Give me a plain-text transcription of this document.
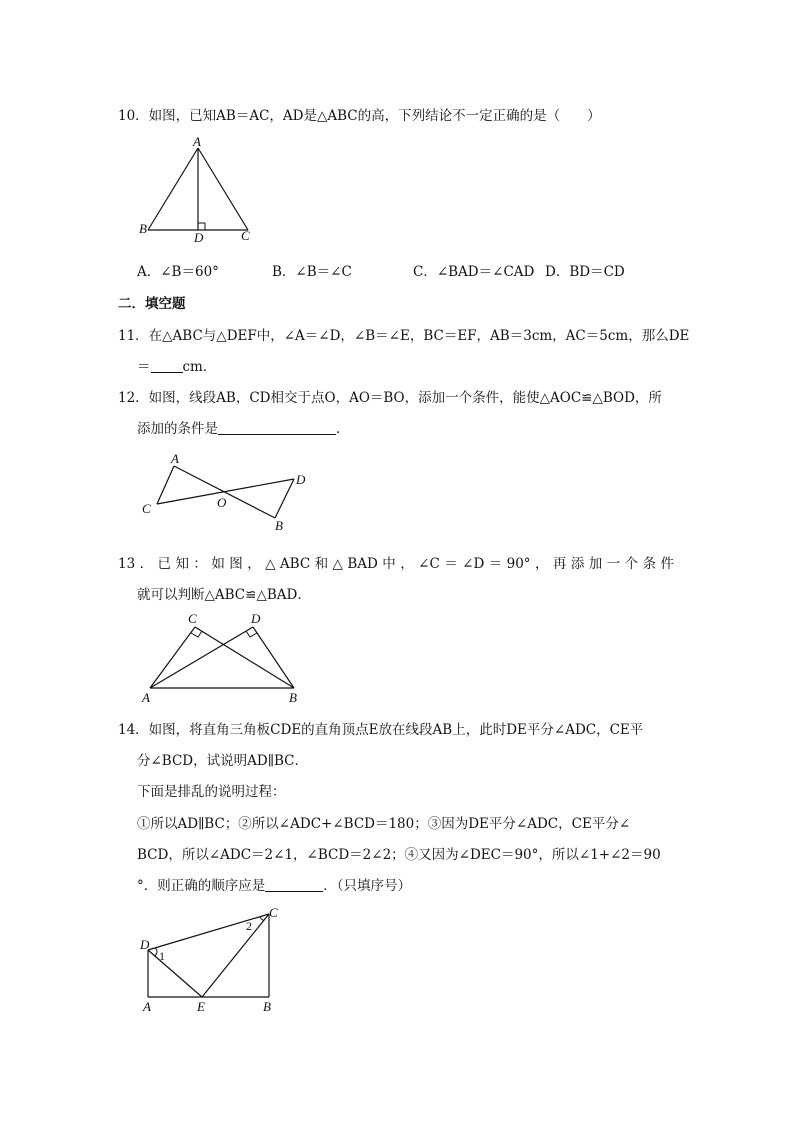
10．如图，已知AB＝AC，AD是△ABC的高，下列结论不一定正确的是（　　）
A
B
D	C
A．∠B＝60°	B．∠B＝∠C	C．∠BAD＝∠CAD D．BD＝CD
二．填空题
11．在△ABC与△DEF中，∠A＝∠D，∠B＝∠E，BC＝EF，AB＝3cm，AC＝5cm，那么DE
＝ cm．
12．如图，线段AB，CD相交于点O，AO＝BO，添加一个条件，能使△AOC≌△BOD，所
添加的条件是	．
A
C	O
D
B
13．已知：如图，△ABC和△BAD中，∠C＝∠D＝90°，再添加一个条件
就可以判断△ABC≌△BAD．
C	D
A	B
14．如图，将直角三角板CDE的直角顶点E放在线段AB上，此时DE平分∠ADC，CE平
分∠BCD，试说明AD∥BC．
下面是排乱的说明过程：
①所以AD∥BC；②所以∠ADC+∠BCD＝180；③因为DE平分∠ADC，CE平分∠
BCD，所以∠ADC＝2∠1，∠BCD＝2∠2；④又因为∠DEC＝90°，所以∠1+∠2＝90
°．则正确的顺序应是	．（只填序号）
D
C
A	E	B
1
2
